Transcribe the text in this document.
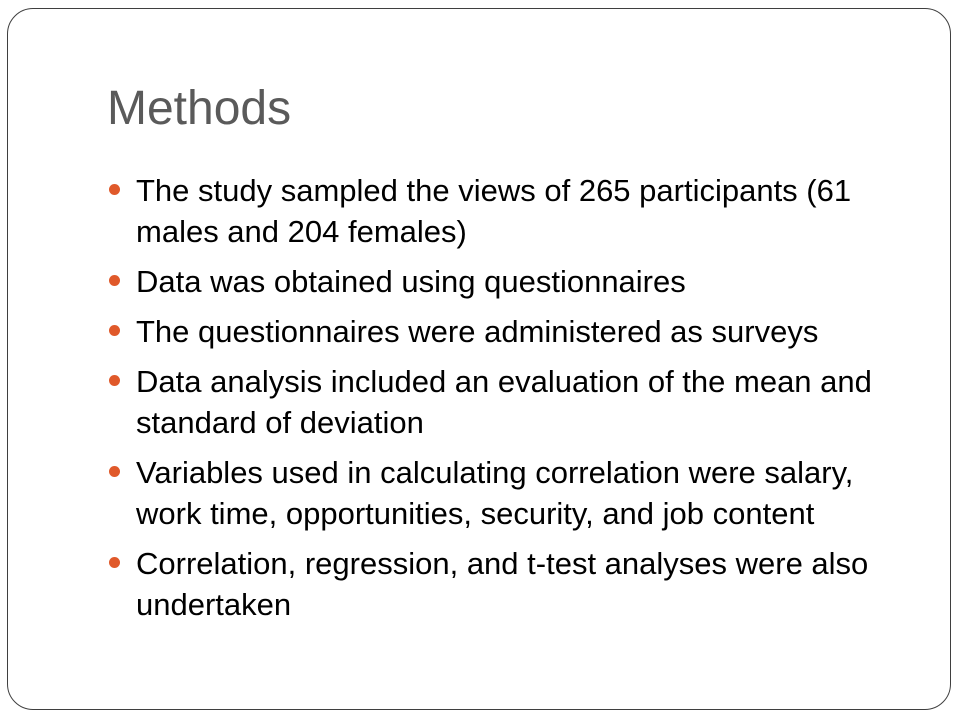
Methods
The study sampled the views of 265 participants (61 males and 204 females)
Data was obtained using questionnaires
The questionnaires were administered as surveys
Data analysis included an evaluation of the mean and standard of deviation
Variables used in calculating correlation were salary, work time, opportunities, security, and job content
Correlation, regression, and t-test analyses were also undertaken
